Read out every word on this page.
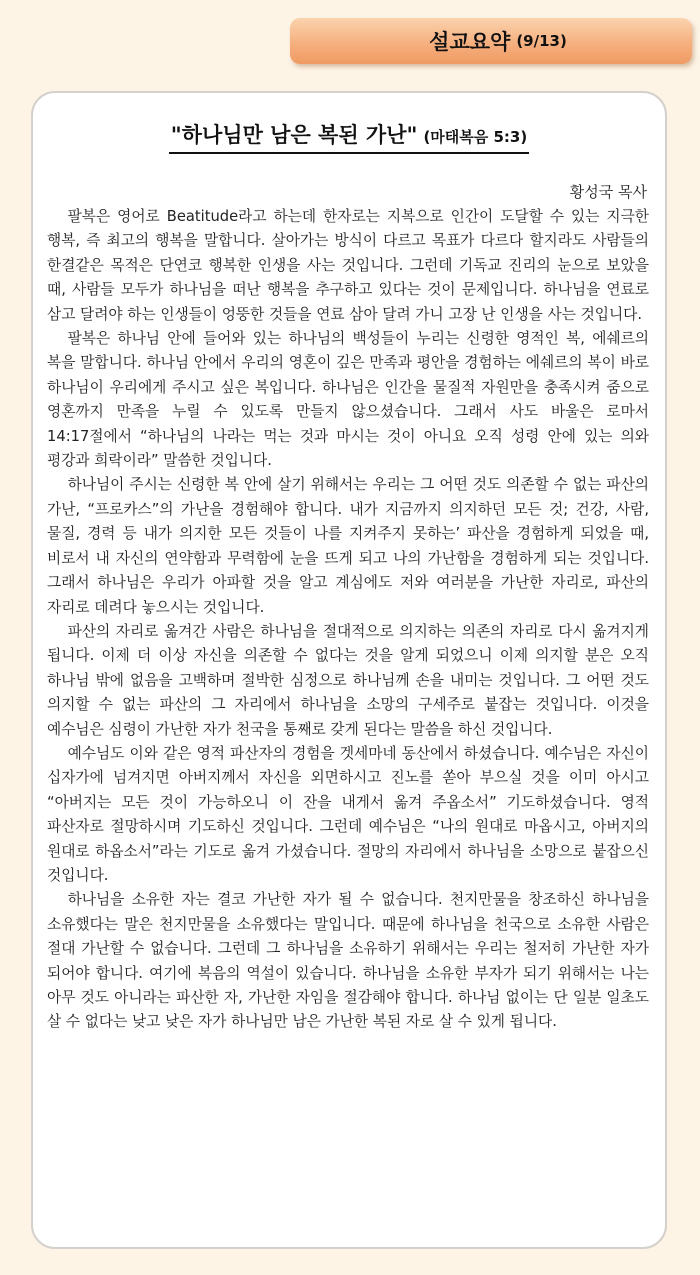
설교요약 (9/13)
"하나님만 남은 복된 가난" (마태복음 5:3)
황성국 목사

팔복은 영어로 Beatitude라고 하는데 한자로는 지복으로 인간이 도달할 수 있는 지극한 행복, 즉 최고의 행복을 말합니다. 살아가는 방식이 다르고 목표가 다르다 할지라도 사람들의 한결같은 목적은 단연코 행복한 인생을 사는 것입니다. 그런데 기독교 진리의 눈으로 보았을 때, 사람들 모두가 하나님을 떠난 행복을 추구하고 있다는 것이 문제입니다. 하나님을 연료로 삼고 달려야 하는 인생들이 엉뚱한 것들을 연료 삼아 달려 가니 고장 난 인생을 사는 것입니다.

팔복은 하나님 안에 들어와 있는 하나님의 백성들이 누리는 신령한 영적인 복, 에쉐르의 복을 말합니다. 하나님 안에서 우리의 영혼이 깊은 만족과 평안을 경험하는 에쉐르의 복이 바로 하나님이 우리에게 주시고 싶은 복입니다. 하나님은 인간을 물질적 자원만을 충족시켜 줌으로 영혼까지 만족을 누릴 수 있도록 만들지 않으셨습니다. 그래서 사도 바울은 로마서 14:17절에서 “하나님의 나라는 먹는 것과 마시는 것이 아니요 오직 성령 안에 있는 의와 평강과 희락이라” 말씀한 것입니다.

하나님이 주시는 신령한 복 안에 살기 위해서는 우리는 그 어떤 것도 의존할 수 없는 파산의 가난, “프로카스”의 가난을 경험해야 합니다. 내가 지금까지 의지하던 모든 것; 건강, 사람, 물질, 경력 등 내가 의지한 모든 것들이 나를 지켜주지 못하는’ 파산을 경험하게 되었을 때, 비로서 내 자신의 연약함과 무력함에 눈을 뜨게 되고 나의 가난함을 경험하게 되는 것입니다. 그래서 하나님은 우리가 아파할 것을 알고 계심에도 저와 여러분을 가난한 자리로, 파산의 자리로 데려다 놓으시는 것입니다.

파산의 자리로 옮겨간 사람은 하나님을 절대적으로 의지하는 의존의 자리로 다시 옮겨지게 됩니다. 이제 더 이상 자신을 의존할 수 없다는 것을 알게 되었으니 이제 의지할 분은 오직 하나님 밖에 없음을 고백하며 절박한 심정으로 하나님께 손을 내미는 것입니다. 그 어떤 것도 의지할 수 없는 파산의 그 자리에서 하나님을 소망의 구세주로 붙잡는 것입니다. 이것을 예수님은 심령이 가난한 자가 천국을 통째로 갖게 된다는 말씀을 하신 것입니다.

예수님도 이와 같은 영적 파산자의 경험을 겟세마네 동산에서 하셨습니다. 예수님은 자신이 십자가에 넘겨지면 아버지께서 자신을 외면하시고 진노를 쏟아 부으실 것을 이미 아시고 “아버지는 모든 것이 가능하오니 이 잔을 내게서 옮겨 주옵소서” 기도하셨습니다. 영적 파산자로 절망하시며 기도하신 것입니다. 그런데 예수님은 “나의 원대로 마옵시고, 아버지의 원대로 하옵소서”라는 기도로 옮겨 가셨습니다. 절망의 자리에서 하나님을 소망으로 붙잡으신 것입니다.

하나님을 소유한 자는 결코 가난한 자가 될 수 없습니다. 천지만물을 창조하신 하나님을 소유했다는 말은 천지만물을 소유했다는 말입니다. 때문에 하나님을 천국으로 소유한 사람은 절대 가난할 수 없습니다. 그런데 그 하나님을 소유하기 위해서는 우리는 철저히 가난한 자가 되어야 합니다. 여기에 복음의 역설이 있습니다. 하나님을 소유한 부자가 되기 위해서는 나는 아무 것도 아니라는 파산한 자, 가난한 자임을 절감해야 합니다. 하나님 없이는 단 일분 일초도 살 수 없다는 낮고 낮은 자가 하나님만 남은 가난한 복된 자로 살 수 있게 됩니다.
